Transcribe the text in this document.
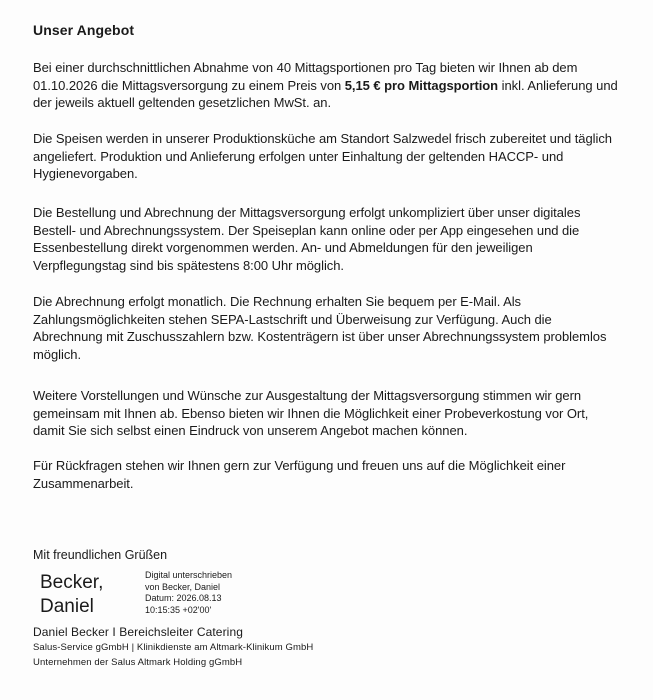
Unser Angebot
Bei einer durchschnittlichen Abnahme von 40 Mittagsportionen pro Tag bieten wir Ihnen ab dem 01.10.2026 die Mittagsversorgung zu einem Preis von 5,15 € pro Mittagsportion inkl. Anlieferung und der jeweils aktuell geltenden gesetzlichen MwSt. an.
Die Speisen werden in unserer Produktionsküche am Standort Salzwedel frisch zubereitet und täglich angeliefert. Produktion und Anlieferung erfolgen unter Einhaltung der geltenden HACCP- und Hygienevorgaben.
Die Bestellung und Abrechnung der Mittagsversorgung erfolgt unkompliziert über unser digitales Bestell- und Abrechnungssystem. Der Speiseplan kann online oder per App eingesehen und die Essenbestellung direkt vorgenommen werden. An- und Abmeldungen für den jeweiligen Verpflegungstag sind bis spätestens 8:00 Uhr möglich.
Die Abrechnung erfolgt monatlich. Die Rechnung erhalten Sie bequem per E-Mail. Als Zahlungsmöglichkeiten stehen SEPA-Lastschrift und Überweisung zur Verfügung. Auch die Abrechnung mit Zuschusszahlern bzw. Kostenträgern ist über unser Abrechnungssystem problemlos möglich.
Weitere Vorstellungen und Wünsche zur Ausgestaltung der Mittagsversorgung stimmen wir gern gemeinsam mit Ihnen ab. Ebenso bieten wir Ihnen die Möglichkeit einer Probeverkostung vor Ort, damit Sie sich selbst einen Eindruck von unserem Angebot machen können.
Für Rückfragen stehen wir Ihnen gern zur Verfügung und freuen uns auf die Möglichkeit einer Zusammenarbeit.
Mit freundlichen Grüßen
Becker,
Daniel
Digital unterschrieben
von Becker, Daniel
Datum: 2026.08.13
10:15:35 +02'00'
Daniel Becker I Bereichsleiter Catering
Salus-Service gGmbH | Klinikdienste am Altmark-Klinikum GmbH
Unternehmen der Salus Altmark Holding gGmbH
